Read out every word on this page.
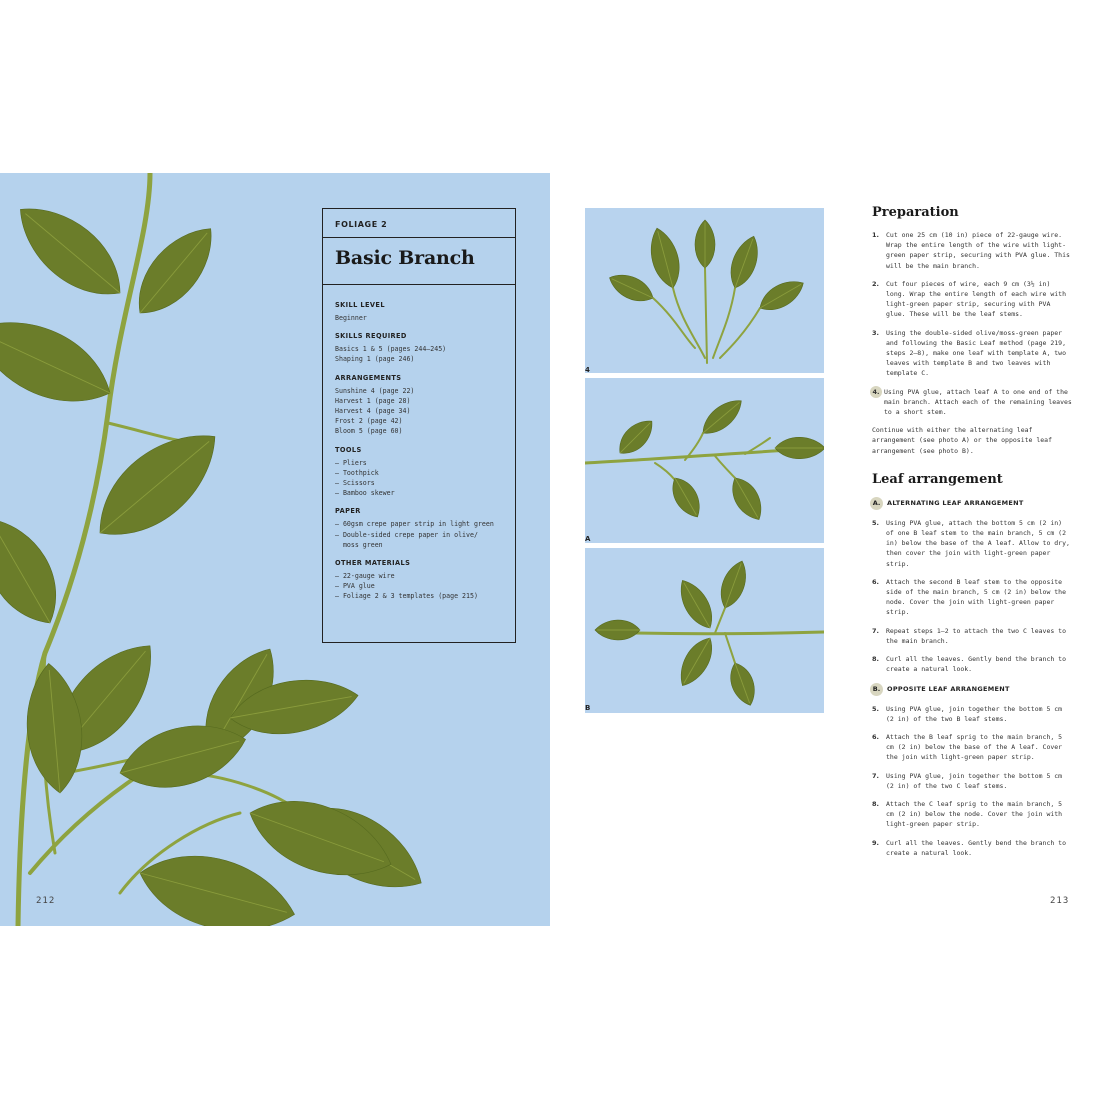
212
FOLIAGE 2
Basic Branch
SKILL LEVEL
Beginner
SKILLS REQUIRED
Basics 1 & 5 (pages 244–245)
Shaping 1 (page 246)
ARRANGEMENTS
Sunshine 4 (page 22)
Harvest 1 (page 28)
Harvest 4 (page 34)
Frost 2 (page 42)
Bloom 5 (page 60)
TOOLS
— Pliers
— Toothpick
— Scissors
— Bamboo skewer
PAPER
— 60gsm crepe paper strip in light green
— Double-sided crepe paper in olive/
moss green
OTHER MATERIALS
— 22-gauge wire
— PVA glue
— Foliage 2 & 3 templates (page 215)
4
A
B
Preparation
1.	Cut one 25 cm (10 in) piece of 22-gauge wire. Wrap the entire length of the wire with light-green paper strip, securing with PVA glue. This will be the main branch.
2.	Cut four pieces of wire, each 9 cm (3½ in) long. Wrap the entire length of each wire with light-green paper strip, securing with PVA glue. These will be the leaf stems.
3.	Using the double-sided olive/moss-green paper and following the Basic Leaf method (page 219, steps 2–8), make one leaf with template A, two leaves with template B and two leaves with template C.
4. Using PVA glue, attach leaf A to one end of the main branch. Attach each of the remaining leaves to a short stem.
Continue with either the alternating leaf arrangement (see photo A) or the opposite leaf arrangement (see photo B).
Leaf arrangement
A.	ALTERNATING LEAF ARRANGEMENT
5.	Using PVA glue, attach the bottom 5 cm (2 in) of one B leaf stem to the main branch, 5 cm (2 in) below the base of the A leaf. Allow to dry, then cover the join with light-green paper strip.
6.	Attach the second B leaf stem to the opposite side of the main branch, 5 cm (2 in) below the node. Cover the join with light-green paper strip.
7.	Repeat steps 1–2 to attach the two C leaves to the main branch.
8.	Curl all the leaves. Gently bend the branch to create a natural look.
B.	OPPOSITE LEAF ARRANGEMENT
5.	Using PVA glue, join together the bottom 5 cm (2 in) of the two B leaf stems.
6.	Attach the B leaf sprig to the main branch, 5 cm (2 in) below the base of the A leaf. Cover the join with light-green paper strip.
7.	Using PVA glue, join together the bottom 5 cm (2 in) of the two C leaf stems.
8.	Attach the C leaf sprig to the main branch, 5 cm (2 in) below the node. Cover the join with light-green paper strip.
9.	Curl all the leaves. Gently bend the branch to create a natural look.
213
